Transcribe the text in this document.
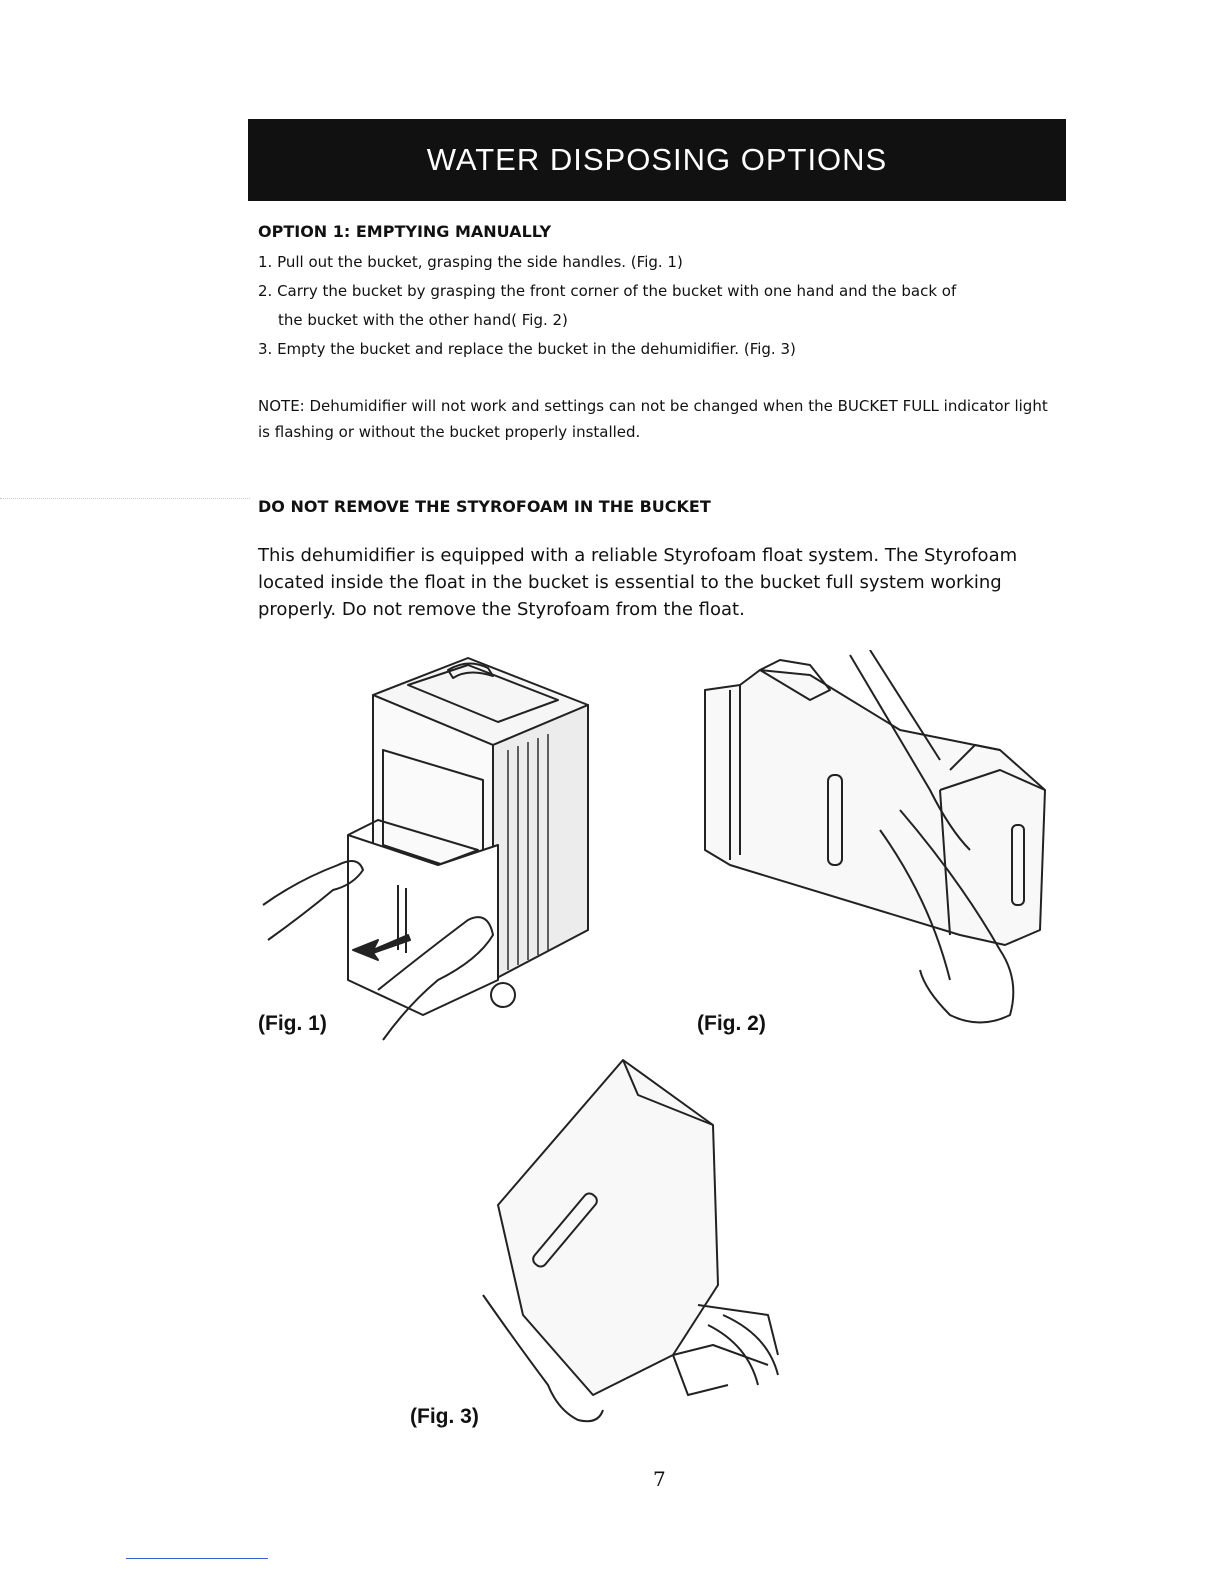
WATER DISPOSING OPTIONS
OPTION 1: EMPTYING MANUALLY
1. Pull out the bucket, grasping the side handles. (Fig. 1)
2. Carry the bucket by grasping the front corner of the bucket with one hand and the back of
the bucket with the other hand( Fig. 2)
3. Empty the bucket and replace the bucket in the dehumidifier. (Fig. 3)
NOTE: Dehumidifier will not work and settings can not be changed when the BUCKET FULL indicator light is flashing or without the bucket properly installed.
DO NOT REMOVE THE STYROFOAM IN THE BUCKET
This dehumidifier is equipped with a reliable Styrofoam float system. The Styrofoam located inside the float in the bucket is essential to the bucket full system working properly. Do not remove the Styrofoam from the float.
(Fig. 1)	(Fig. 2)
(Fig. 3)
7
